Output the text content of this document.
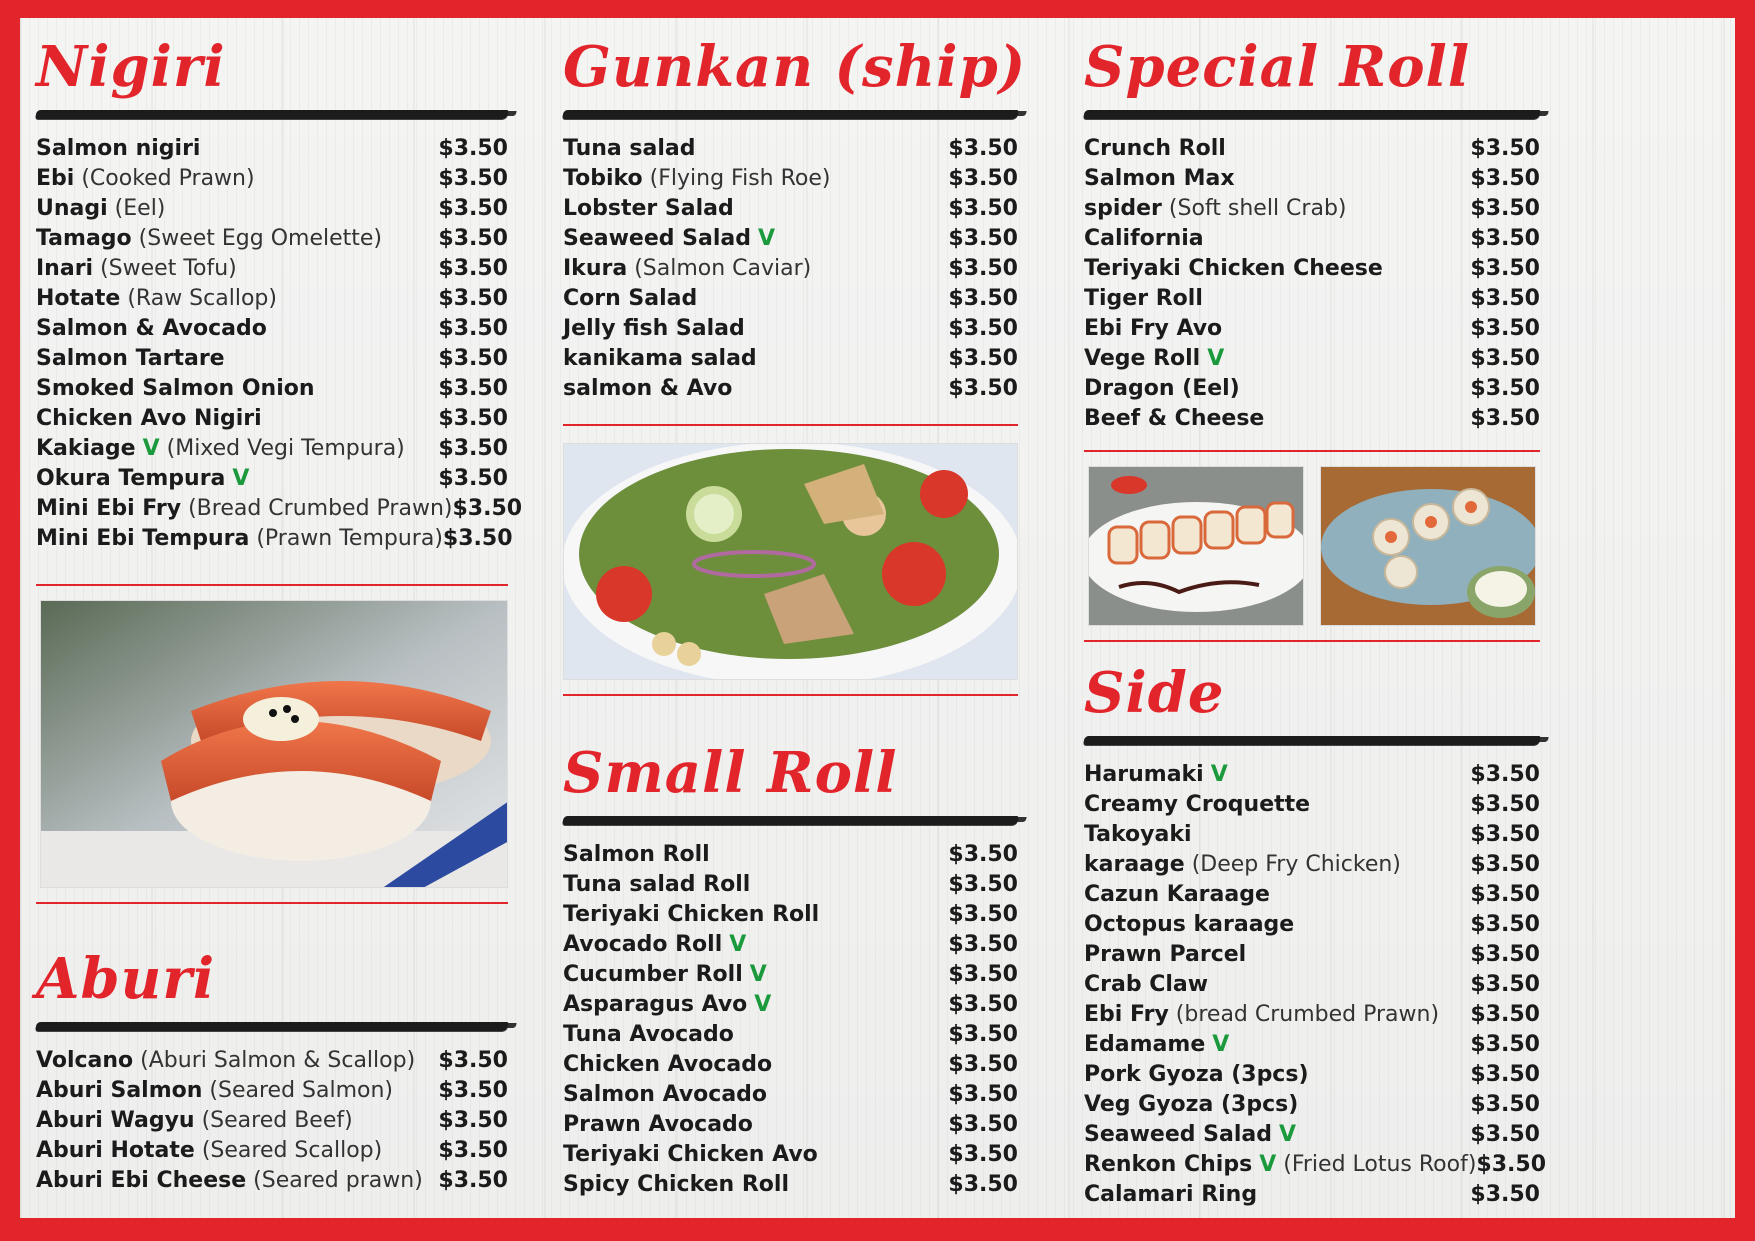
Nigiri
Salmon nigiri	$3.50
Ebi (Cooked Prawn)	$3.50
Unagi (Eel)	$3.50
Tamago (Sweet Egg Omelette)	$3.50
Inari (Sweet Tofu)	$3.50
Hotate (Raw Scallop)	$3.50
Salmon & Avocado	$3.50
Salmon Tartare	$3.50
Smoked Salmon Onion	$3.50
Chicken Avo Nigiri	$3.50
Kakiage V (Mixed Vegi Tempura) $3.50
Okura Tempura V	$3.50
Mini Ebi Fry (Bread Crumbed Prawn) $3.50
Mini Ebi Tempura (Prawn Tempura) $3.50
Aburi
Volcano (Aburi Salmon & Scallop) $3.50
Aburi Salmon (Seared Salmon) $3.50
Aburi Wagyu (Seared Beef)	$3.50
Aburi Hotate (Seared Scallop)	$3.50
Aburi Ebi Cheese (Seared prawn) $3.50
Gunkan (ship)
Tuna salad	$3.50
Tobiko (Flying Fish Roe)	$3.50
Lobster Salad	$3.50
Seaweed Salad V	$3.50
Ikura (Salmon Caviar)	$3.50
Corn Salad	$3.50
Jelly fish Salad	$3.50
kanikama salad	$3.50
salmon & Avo	$3.50
Small Roll
Salmon Roll	$3.50
Tuna salad Roll	$3.50
Teriyaki Chicken Roll	$3.50
Avocado Roll V	$3.50
Cucumber Roll V	$3.50
Asparagus Avo V	$3.50
Tuna Avocado	$3.50
Chicken Avocado	$3.50
Salmon Avocado	$3.50
Prawn Avocado	$3.50
Teriyaki Chicken Avo	$3.50
Spicy Chicken Roll	$3.50
Special Roll
Crunch Roll	$3.50
Salmon Max	$3.50
spider (Soft shell Crab)	$3.50
California	$3.50
Teriyaki Chicken Cheese	$3.50
Tiger Roll	$3.50
Ebi Fry Avo	$3.50
Vege Roll V	$3.50
Dragon (Eel)	$3.50
Beef & Cheese	$3.50
Side
Harumaki V	$3.50
Creamy Croquette	$3.50
Takoyaki	$3.50
karaage (Deep Fry Chicken)	$3.50
Cazun Karaage	$3.50
Octopus karaage	$3.50
Prawn Parcel	$3.50
Crab Claw	$3.50
Ebi Fry (bread Crumbed Prawn) $3.50
Edamame V	$3.50
Pork Gyoza (3pcs)	$3.50
Veg Gyoza (3pcs)	$3.50
Seaweed Salad V	$3.50
Renkon Chips V (Fried Lotus Roof) $3.50
Calamari Ring	$3.50
